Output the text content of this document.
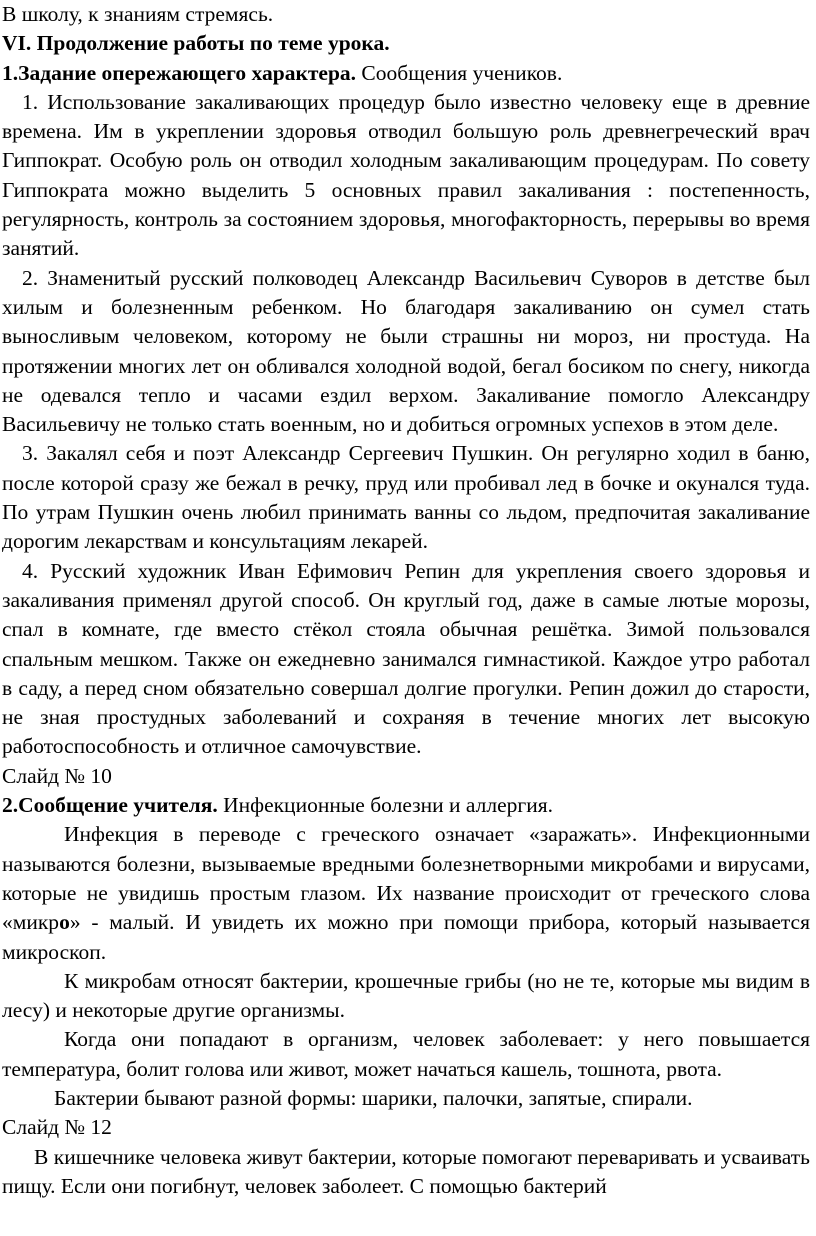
В школу, к знаниям стремясь.

VI. Продолжение работы по теме урока.

1.Задание опережающего характера. Сообщения учеников.

1. Использование закаливающих процедур было известно человеку еще в древние времена. Им в укреплении здоровья отводил большую роль древнегреческий врач Гиппократ. Особую роль он отводил холодным закаливающим процедурам. По совету Гиппократа можно выделить 5 основных правил закаливания : постепенность, регулярность, контроль за состоянием здоровья, многофакторность, перерывы во время занятий.

2. Знаменитый русский полководец Александр Васильевич Суворов в детстве был хилым и болезненным ребенком. Но благодаря закаливанию он сумел стать выносливым человеком, которому не были страшны ни мороз, ни простуда. На протяжении многих лет он обливался холодной водой, бегал босиком по снегу, никогда не одевался тепло и часами ездил верхом. Закаливание помогло Александру Васильевичу не только стать военным, но и добиться огромных успехов в этом деле.

3. Закалял себя и поэт Александр Сергеевич Пушкин. Он регулярно ходил в баню, после которой сразу же бежал в речку, пруд или пробивал лед в бочке и окунался туда. По утрам Пушкин очень любил принимать ванны со льдом, предпочитая закаливание дорогим лекарствам и консультациям лекарей.

4. Русский художник Иван Ефимович Репин для укрепления своего здоровья и закаливания применял другой способ. Он круглый год, даже в самые лютые морозы, спал в комнате, где вместо стёкол стояла обычная решётка. Зимой пользовался спальным мешком. Также он ежедневно занимался гимнастикой. Каждое утро работал в саду, а перед сном обязательно совершал долгие прогулки. Репин дожил до старости, не зная простудных заболеваний и сохраняя в течение многих лет высокую работоспособность и отличное самочувствие.

Слайд № 10

2.Сообщение учителя. Инфекционные болезни и аллергия.

Инфекция в переводе с греческого означает «заражать». Инфекционными называются болезни, вызываемые вредными болезнетворными микробами и вирусами, которые не увидишь простым глазом. Их название происходит от греческого слова «микро» - малый. И увидеть их можно при помощи прибора, который называется микроскоп.

К микробам относят бактерии, крошечные грибы (но не те, которые мы видим в лесу) и некоторые другие организмы.

Когда они попадают в организм, человек заболевает: у него повышается температура, болит голова или живот, может начаться кашель, тошнота, рвота.

Бактерии бывают разной формы: шарики, палочки, запятые, спирали.

Слайд № 12

В кишечнике человека живут бактерии, которые помогают переваривать и усваивать пищу. Если они погибнут, человек заболеет. С помощью бактерий
